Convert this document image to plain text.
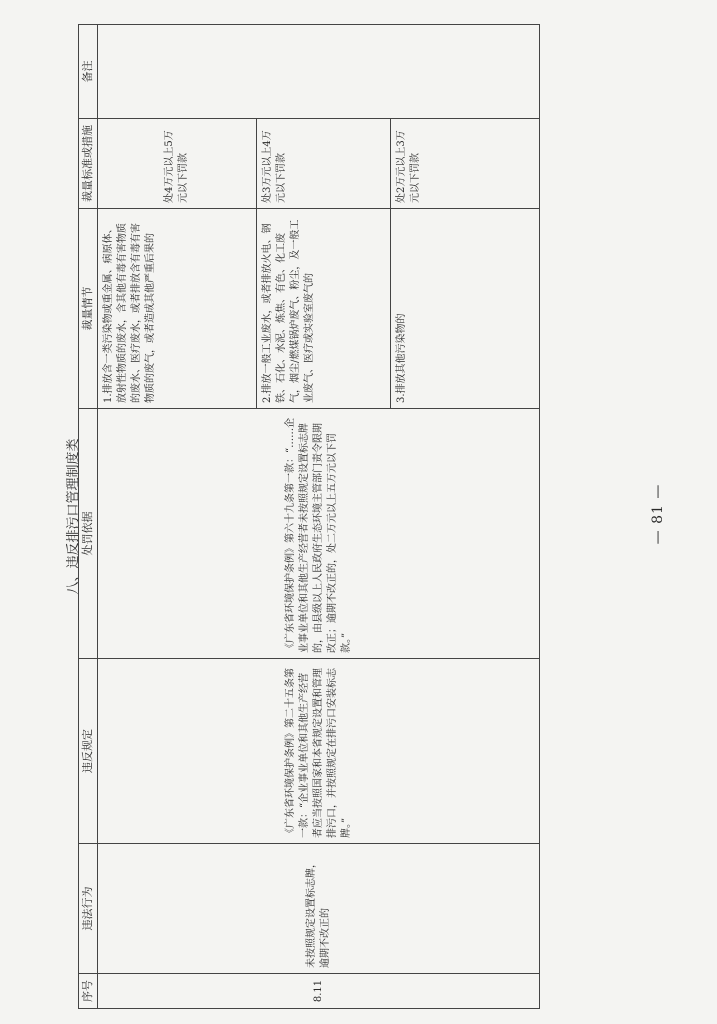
八、违反排污口管理制度类
序号	违法行为	违反规定	处罚依据	裁量情节	裁量标准或措施	备注
8.11	未按照规定设置标志牌，逾期不改正的	《广东省环境保护条例》第二十五条第一款：“企业事业单位和其他生产经营者应当按照国家和本省规定设置和管理排污口，并按照规定在排污口安装标志牌。”	《广东省环境保护条例》第六十九条第一款：“……企业事业单位和其他生产经营者未按照规定设置标志牌的，由县级以上人民政府生态环境主管部门责令限期改正；逾期不改正的，处二万元以上五万元以下罚款。”	1.排放含一类污染物或重金属、病原体、放射性物质的废水，含其他有毒有害物质的废水、医疗废水，或者排放含有毒有害物质的废气，或者造成其他严重后果的	处4万元以上5万元以下罚款	
				2.排放一般工业废水，或者排放火电、钢铁、石化、水泥、炼焦、有色、化工废气，烟尘/燃煤锅炉废气、粉尘，及一般工业废气、医疗或实验室废气的	处3万元以上4万元以下罚款	
				3.排放其他污染物的	处2万元以上3万元以下罚款	
— 81 —
